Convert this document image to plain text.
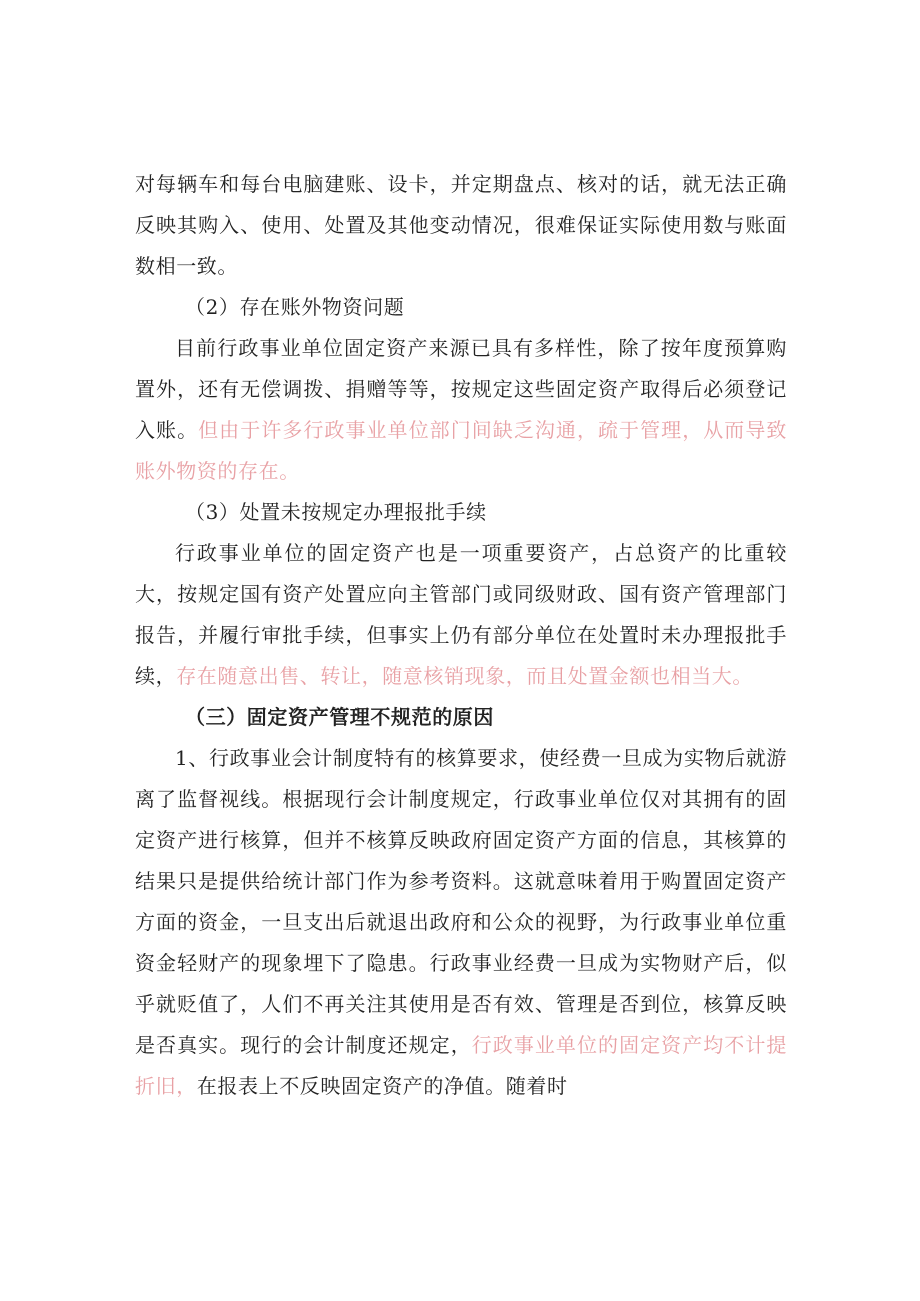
对每辆车和每台电脑建账、设卡，并定期盘点、核对的话，就无法正确反映其购入、使用、处置及其他变动情况，很难保证实际使用数与账面数相一致。

（2）存在账外物资问题

目前行政事业单位固定资产来源已具有多样性，除了按年度预算购置外，还有无偿调拨、捐赠等等，按规定这些固定资产取得后必须登记入账。但由于许多行政事业单位部门间缺乏沟通，疏于管理，从而导致账外物资的存在。

（3）处置未按规定办理报批手续

行政事业单位的固定资产也是一项重要资产，占总资产的比重较大，按规定国有资产处置应向主管部门或同级财政、国有资产管理部门报告，并履行审批手续，但事实上仍有部分单位在处置时未办理报批手续，存在随意出售、转让，随意核销现象，而且处置金额也相当大。

（三）固定资产管理不规范的原因

1、行政事业会计制度特有的核算要求，使经费一旦成为实物后就游离了监督视线。根据现行会计制度规定，行政事业单位仅对其拥有的固定资产进行核算，但并不核算反映政府固定资产方面的信息，其核算的结果只是提供给统计部门作为参考资料。这就意味着用于购置固定资产方面的资金，一旦支出后就退出政府和公众的视野，为行政事业单位重资金轻财产的现象埋下了隐患。行政事业经费一旦成为实物财产后，似乎就贬值了，人们不再关注其使用是否有效、管理是否到位，核算反映是否真实。现行的会计制度还规定，行政事业单位的固定资产均不计提折旧，在报表上不反映固定资产的净值。随着时
